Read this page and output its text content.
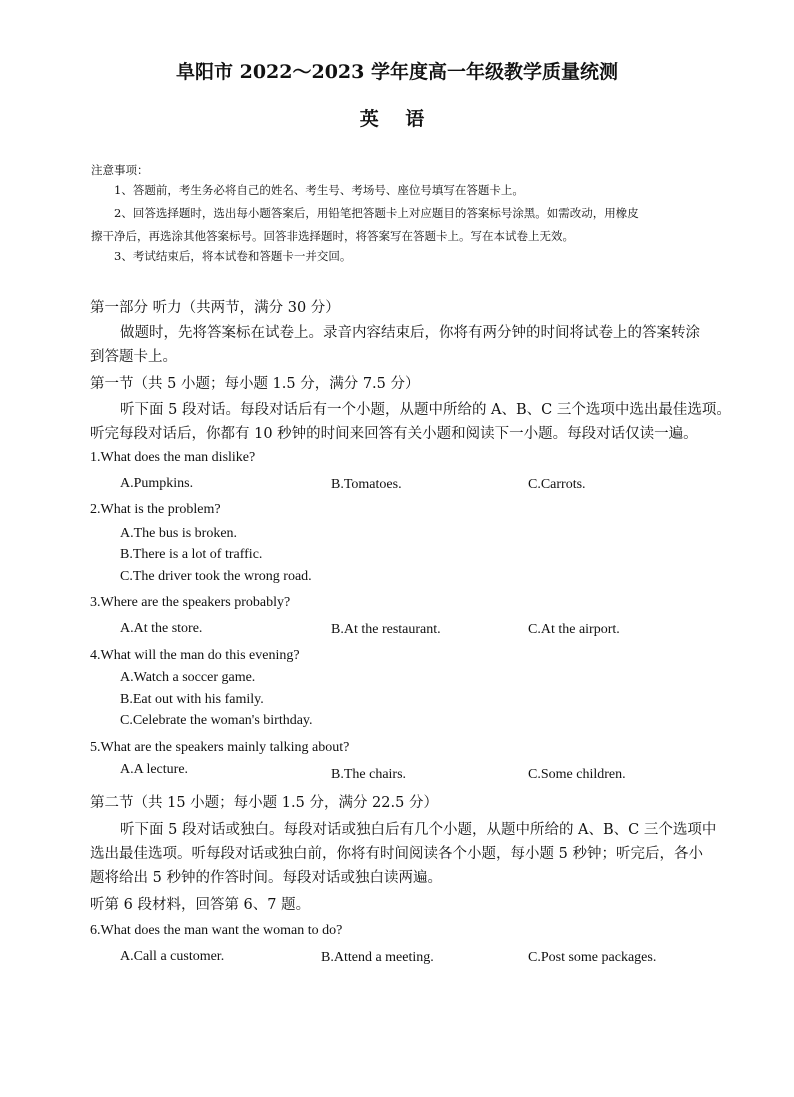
阜阳市 2022～2023 学年度高一年级教学质量统测
英 语
注意事项：
1、答题前，考生务必将自己的姓名、考生号、考场号、座位号填写在答题卡上。
2、回答选择题时，选出每小题答案后，用铅笔把答题卡上对应题目的答案标号涂黑。如需改动，用橡皮
擦干净后，再选涂其他答案标号。回答非选择题时，将答案写在答题卡上。写在本试卷上无效。
3、考试结束后，将本试卷和答题卡一并交回。
第一部分 听力（共两节，满分 30 分）
做题时，先将答案标在试卷上。录音内容结束后，你将有两分钟的时间将试卷上的答案转涂
到答题卡上。
第一节（共 5 小题；每小题 1.5 分，满分 7.5 分）
听下面 5 段对话。每段对话后有一个小题，从题中所给的 A、B、C 三个选项中选出最佳选项。
听完每段对话后，你都有 10 秒钟的时间来回答有关小题和阅读下一小题。每段对话仅读一遍。
1.What does the man dislike?
A.Pumpkins.	B.Tomatoes.	C.Carrots.
2.What is the problem?
A.The bus is broken.
B.There is a lot of traffic.
C.The driver took the wrong road.
3.Where are the speakers probably?
A.At the store.	B.At the restaurant.	C.At the airport.
4.What will the man do this evening?
A.Watch a soccer game.
B.Eat out with his family.
C.Celebrate the woman's birthday.
5.What are the speakers mainly talking about?
A.A lecture.	B.The chairs.	C.Some children.
第二节（共 15 小题；每小题 1.5 分，满分 22.5 分）
听下面 5 段对话或独白。每段对话或独白后有几个小题，从题中所给的 A、B、C 三个选项中
选出最佳选项。听每段对话或独白前，你将有时间阅读各个小题，每小题 5 秒钟；听完后，各小
题将给出 5 秒钟的作答时间。每段对话或独白读两遍。
听第 6 段材料，回答第 6、7 题。
6.What does the man want the woman to do?
A.Call a customer.	B.Attend a meeting.	C.Post some packages.
